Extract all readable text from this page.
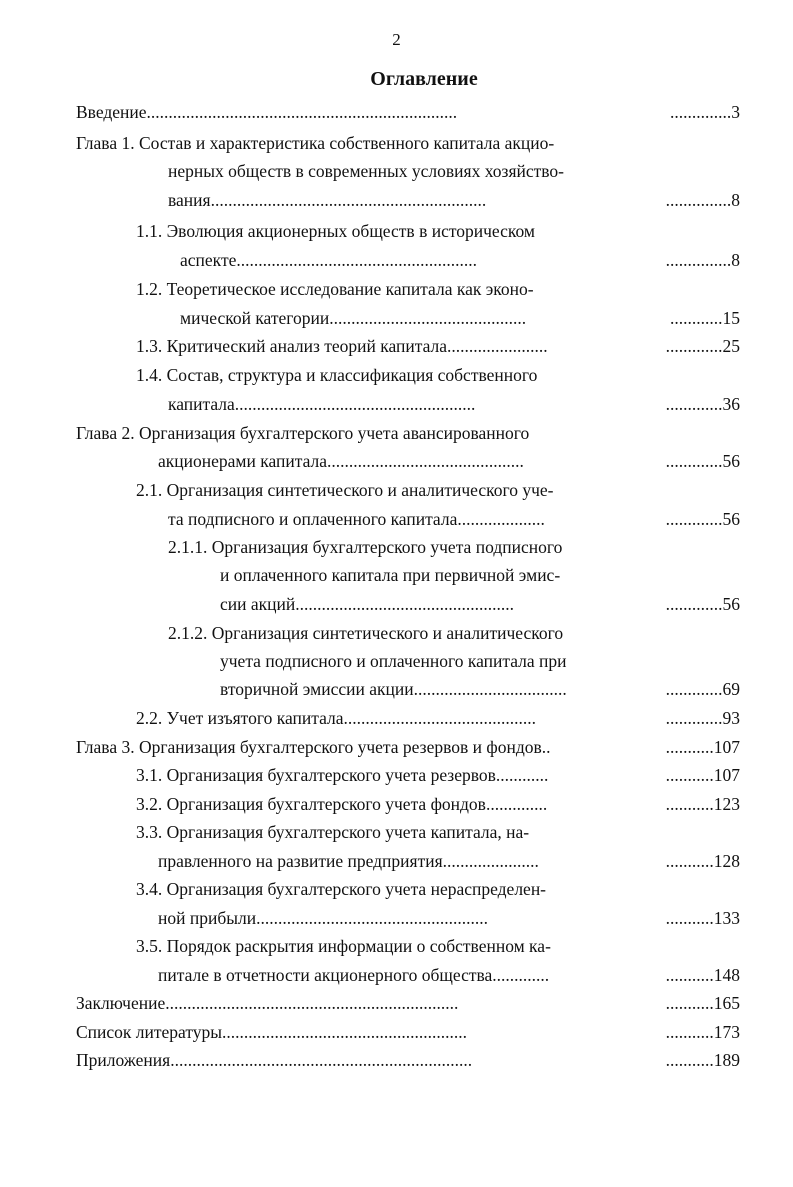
2
Оглавление
Введение.......................................................................	..............3
Глава 1. Состав и характеристика собственного капитала акцио-
нерных обществ в современных условиях хозяйство-
вания...............................................................	...............8
1.1. Эволюция акционерных обществ в историческом
аспекте.......................................................	...............8
1.2. Теоретическое исследование капитала как эконо-
мической категории.............................................	............15
1.3. Критический анализ теорий капитала.......................	.............25
1.4. Состав, структура и классификация собственного
капитала.......................................................	.............36
Глава 2. Организация бухгалтерского учета авансированного
акционерами капитала.............................................	.............56
2.1. Организация синтетического и аналитического уче-
та подписного и оплаченного капитала....................	.............56
2.1.1. Организация бухгалтерского учета подписного
и оплаченного капитала при первичной эмис-
сии акций..................................................	.............56
2.1.2. Организация синтетического и аналитического
учета подписного и оплаченного капитала при
вторичной эмиссии акции...................................	.............69
2.2. Учет изъятого капитала............................................	.............93
Глава 3. Организация бухгалтерского учета резервов и фондов..	...........107
3.1. Организация бухгалтерского учета резервов............	...........107
3.2. Организация бухгалтерского учета фондов..............	...........123
3.3. Организация бухгалтерского учета капитала, на-
правленного на развитие предприятия......................	...........128
3.4. Организация бухгалтерского учета нераспределен-
ной прибыли.....................................................	...........133
3.5. Порядок раскрытия информации о собственном ка-
питале в отчетности акционерного общества.............	...........148
Заключение...................................................................	...........165
Список литературы........................................................	...........173
Приложения.....................................................................	...........189
